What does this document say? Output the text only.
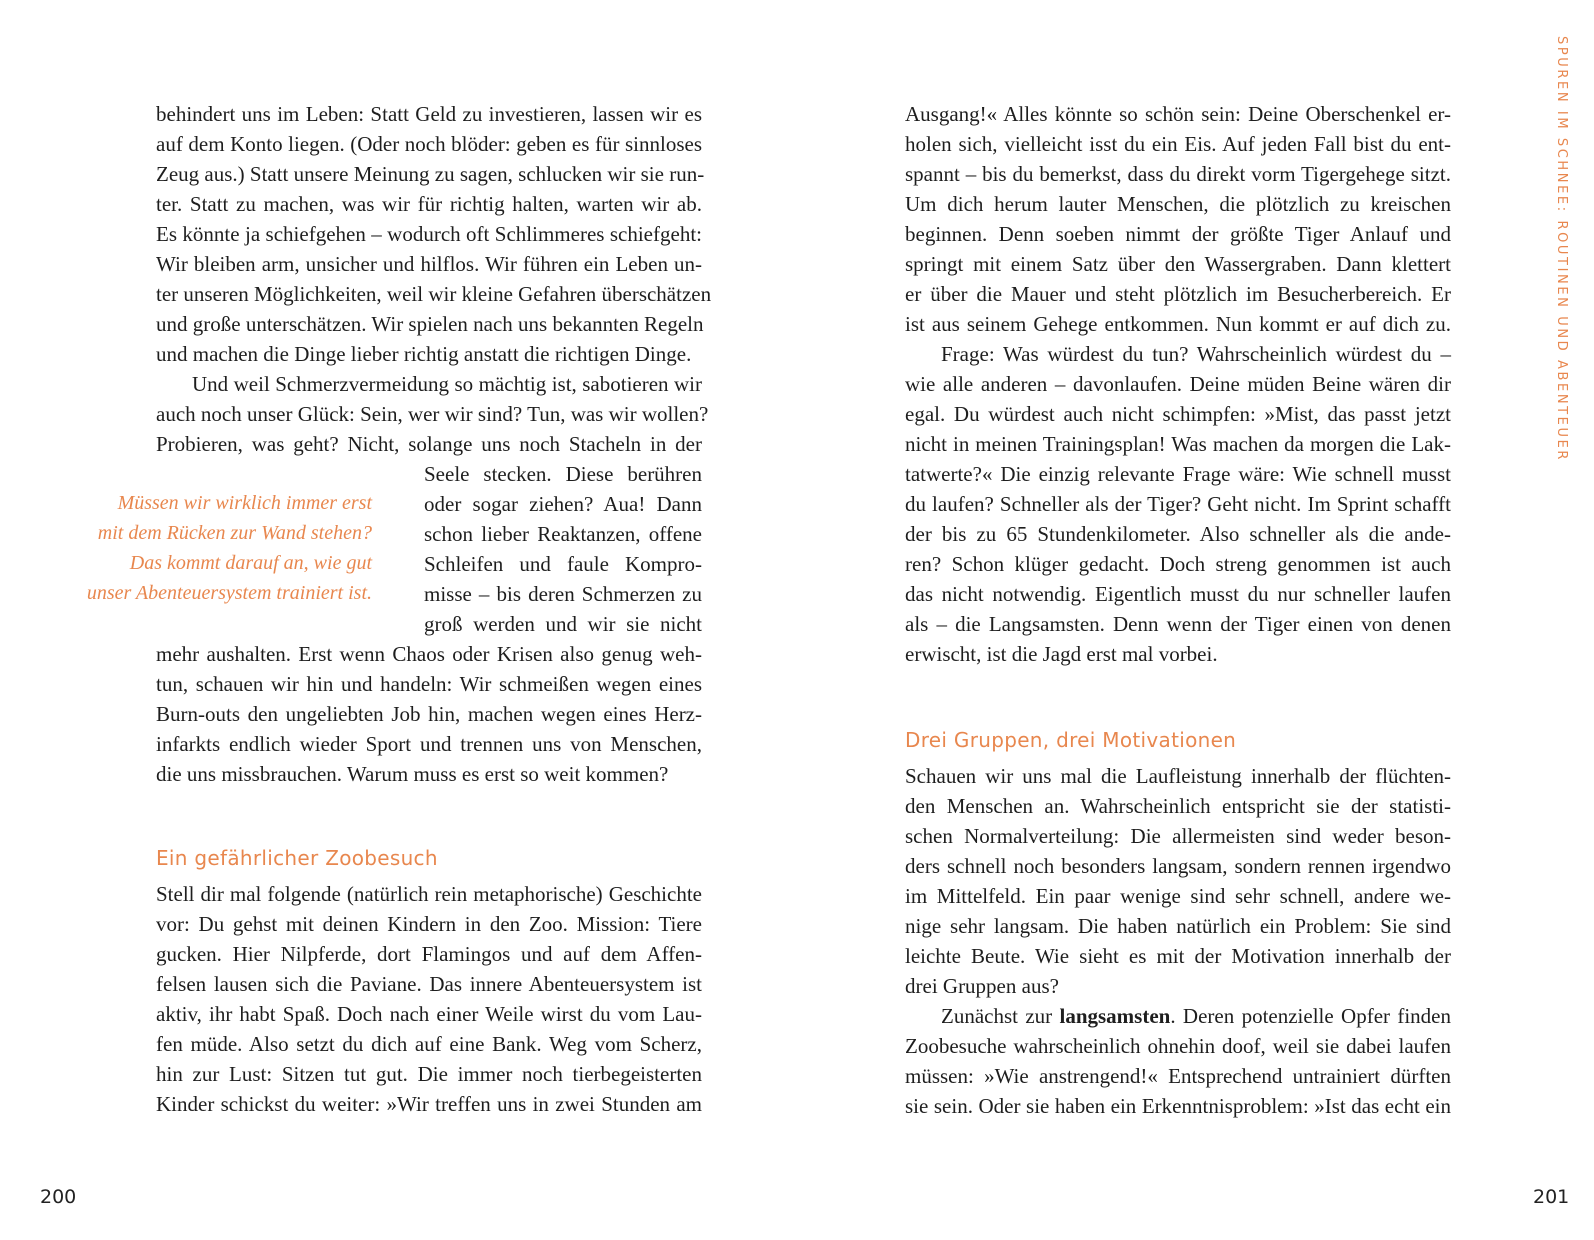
behindert uns im Leben: Statt Geld zu investieren, lassen wir es
auf dem Konto liegen. (Oder noch blöder: geben es für sinnloses
Zeug aus.) Statt unsere Meinung zu sagen, schlucken wir sie run-
ter. Statt zu machen, was wir für richtig halten, warten wir ab.
Es könnte ja schiefgehen – wodurch oft Schlimmeres schiefgeht:
Wir bleiben arm, unsicher und hilflos. Wir führen ein Leben un-
ter unseren Möglichkeiten, weil wir kleine Gefahren überschätzen
und große unterschätzen. Wir spielen nach uns bekannten Regeln
und machen die Dinge lieber richtig anstatt die richtigen Dinge.
Und weil Schmerzvermeidung so mächtig ist, sabotieren wir
auch noch unser Glück: Sein, wer wir sind? Tun, was wir wollen?
Probieren, was geht? Nicht, solange uns noch Stacheln in der
Seele stecken. Diese berühren
oder sogar ziehen? Aua! Dann
schon lieber Reaktanzen, offene
Schleifen und faule Kompro-
misse – bis deren Schmerzen zu
groß werden und wir sie nicht
Müssen wir wirklich immer erst
mit dem Rücken zur Wand stehen?
Das kommt darauf an, wie gut
unser Abenteuersystem trainiert ist.
mehr aushalten. Erst wenn Chaos oder Krisen also genug weh-
tun, schauen wir hin und handeln: Wir schmeißen wegen eines
Burn-outs den ungeliebten Job hin, machen wegen eines Herz-
infarkts endlich wieder Sport und trennen uns von Menschen,
die uns missbrauchen. Warum muss es erst so weit kommen?
Ein gefährlicher Zoobesuch
Stell dir mal folgende (natürlich rein metaphorische) Geschichte
vor: Du gehst mit deinen Kindern in den Zoo. Mission: Tiere
gucken. Hier Nilpferde, dort Flamingos und auf dem Affen-
felsen lausen sich die Paviane. Das innere Abenteuersystem ist
aktiv, ihr habt Spaß. Doch nach einer Weile wirst du vom Lau-
fen müde. Also setzt du dich auf eine Bank. Weg vom Scherz,
hin zur Lust: Sitzen tut gut. Die immer noch tierbegeisterten
Kinder schickst du weiter: »Wir treffen uns in zwei Stunden am
200
Ausgang!« Alles könnte so schön sein: Deine Oberschenkel er-
holen sich, vielleicht isst du ein Eis. Auf jeden Fall bist du ent-
spannt – bis du bemerkst, dass du direkt vorm Tigergehege sitzt.
Um dich herum lauter Menschen, die plötzlich zu kreischen
beginnen. Denn soeben nimmt der größte Tiger Anlauf und
springt mit einem Satz über den Wassergraben. Dann klettert
er über die Mauer und steht plötzlich im Besucherbereich. Er
ist aus seinem Gehege entkommen. Nun kommt er auf dich zu.
Frage: Was würdest du tun? Wahrscheinlich würdest du –
wie alle anderen – davonlaufen. Deine müden Beine wären dir
egal. Du würdest auch nicht schimpfen: »Mist, das passt jetzt
nicht in meinen Trainingsplan! Was machen da morgen die Lak-
tatwerte?« Die einzig relevante Frage wäre: Wie schnell musst
du laufen? Schneller als der Tiger? Geht nicht. Im Sprint schafft
der bis zu 65 Stundenkilometer. Also schneller als die ande-
ren? Schon klüger gedacht. Doch streng genommen ist auch
das nicht notwendig. Eigentlich musst du nur schneller laufen
als – die Langsamsten. Denn wenn der Tiger einen von denen
erwischt, ist die Jagd erst mal vorbei.
Drei Gruppen, drei Motivationen
Schauen wir uns mal die Laufleistung innerhalb der flüchten-
den Menschen an. Wahrscheinlich entspricht sie der statisti-
schen Normalverteilung: Die allermeisten sind weder beson-
ders schnell noch besonders langsam, sondern rennen irgendwo
im Mittelfeld. Ein paar wenige sind sehr schnell, andere we-
nige sehr langsam. Die haben natürlich ein Problem: Sie sind
leichte Beute. Wie sieht es mit der Motivation innerhalb der
drei Gruppen aus?
Zunächst zur langsamsten. Deren potenzielle Opfer finden
Zoobesuche wahrscheinlich ohnehin doof, weil sie dabei laufen
müssen: »Wie anstrengend!« Entsprechend untrainiert dürften
sie sein. Oder sie haben ein Erkenntnisproblem: »Ist das echt ein
SPUREN IM SCHNEE: ROUTINEN UND ABENTEUER
201
